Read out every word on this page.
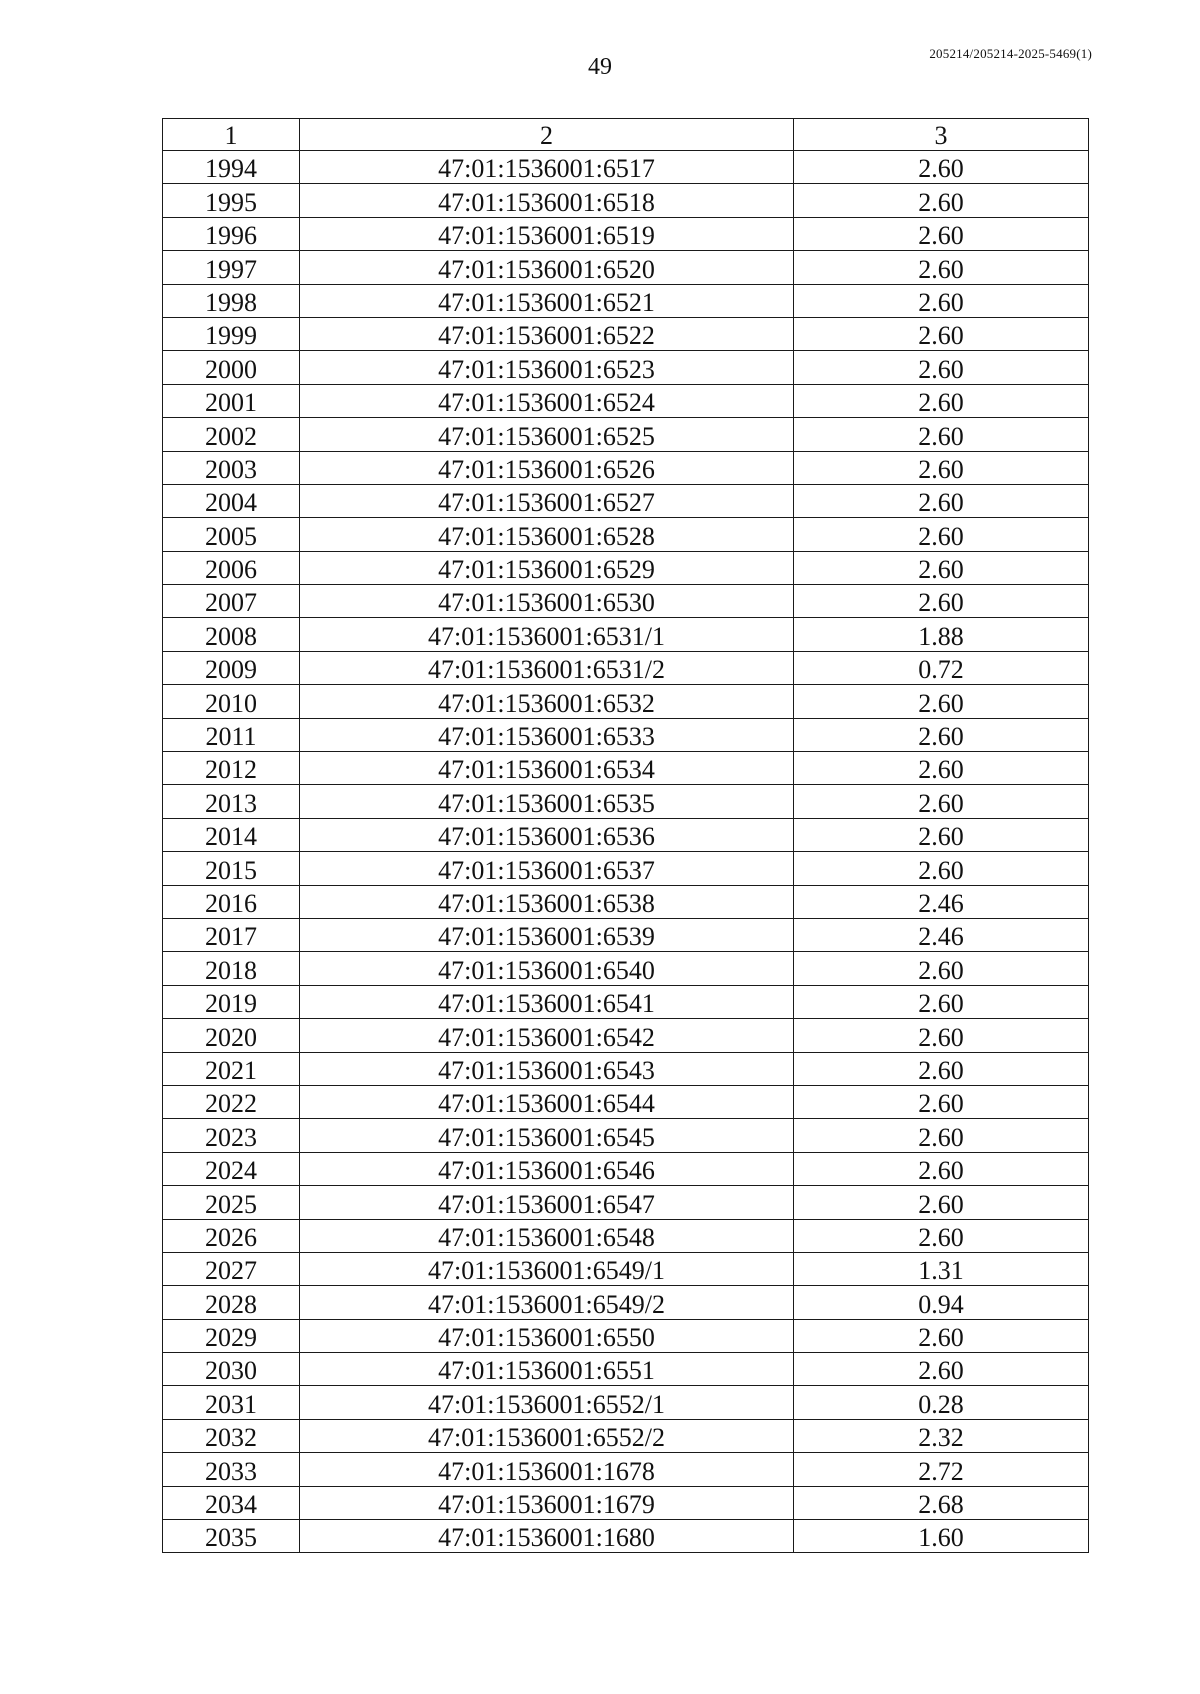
49
205214/205214-2025-5469(1)
1	2	3
1994	47:01:1536001:6517	2.60
1995	47:01:1536001:6518	2.60
1996	47:01:1536001:6519	2.60
1997	47:01:1536001:6520	2.60
1998	47:01:1536001:6521	2.60
1999	47:01:1536001:6522	2.60
2000	47:01:1536001:6523	2.60
2001	47:01:1536001:6524	2.60
2002	47:01:1536001:6525	2.60
2003	47:01:1536001:6526	2.60
2004	47:01:1536001:6527	2.60
2005	47:01:1536001:6528	2.60
2006	47:01:1536001:6529	2.60
2007	47:01:1536001:6530	2.60
2008	47:01:1536001:6531/1	1.88
2009	47:01:1536001:6531/2	0.72
2010	47:01:1536001:6532	2.60
2011	47:01:1536001:6533	2.60
2012	47:01:1536001:6534	2.60
2013	47:01:1536001:6535	2.60
2014	47:01:1536001:6536	2.60
2015	47:01:1536001:6537	2.60
2016	47:01:1536001:6538	2.46
2017	47:01:1536001:6539	2.46
2018	47:01:1536001:6540	2.60
2019	47:01:1536001:6541	2.60
2020	47:01:1536001:6542	2.60
2021	47:01:1536001:6543	2.60
2022	47:01:1536001:6544	2.60
2023	47:01:1536001:6545	2.60
2024	47:01:1536001:6546	2.60
2025	47:01:1536001:6547	2.60
2026	47:01:1536001:6548	2.60
2027	47:01:1536001:6549/1	1.31
2028	47:01:1536001:6549/2	0.94
2029	47:01:1536001:6550	2.60
2030	47:01:1536001:6551	2.60
2031	47:01:1536001:6552/1	0.28
2032	47:01:1536001:6552/2	2.32
2033	47:01:1536001:1678	2.72
2034	47:01:1536001:1679	2.68
2035	47:01:1536001:1680	1.60
